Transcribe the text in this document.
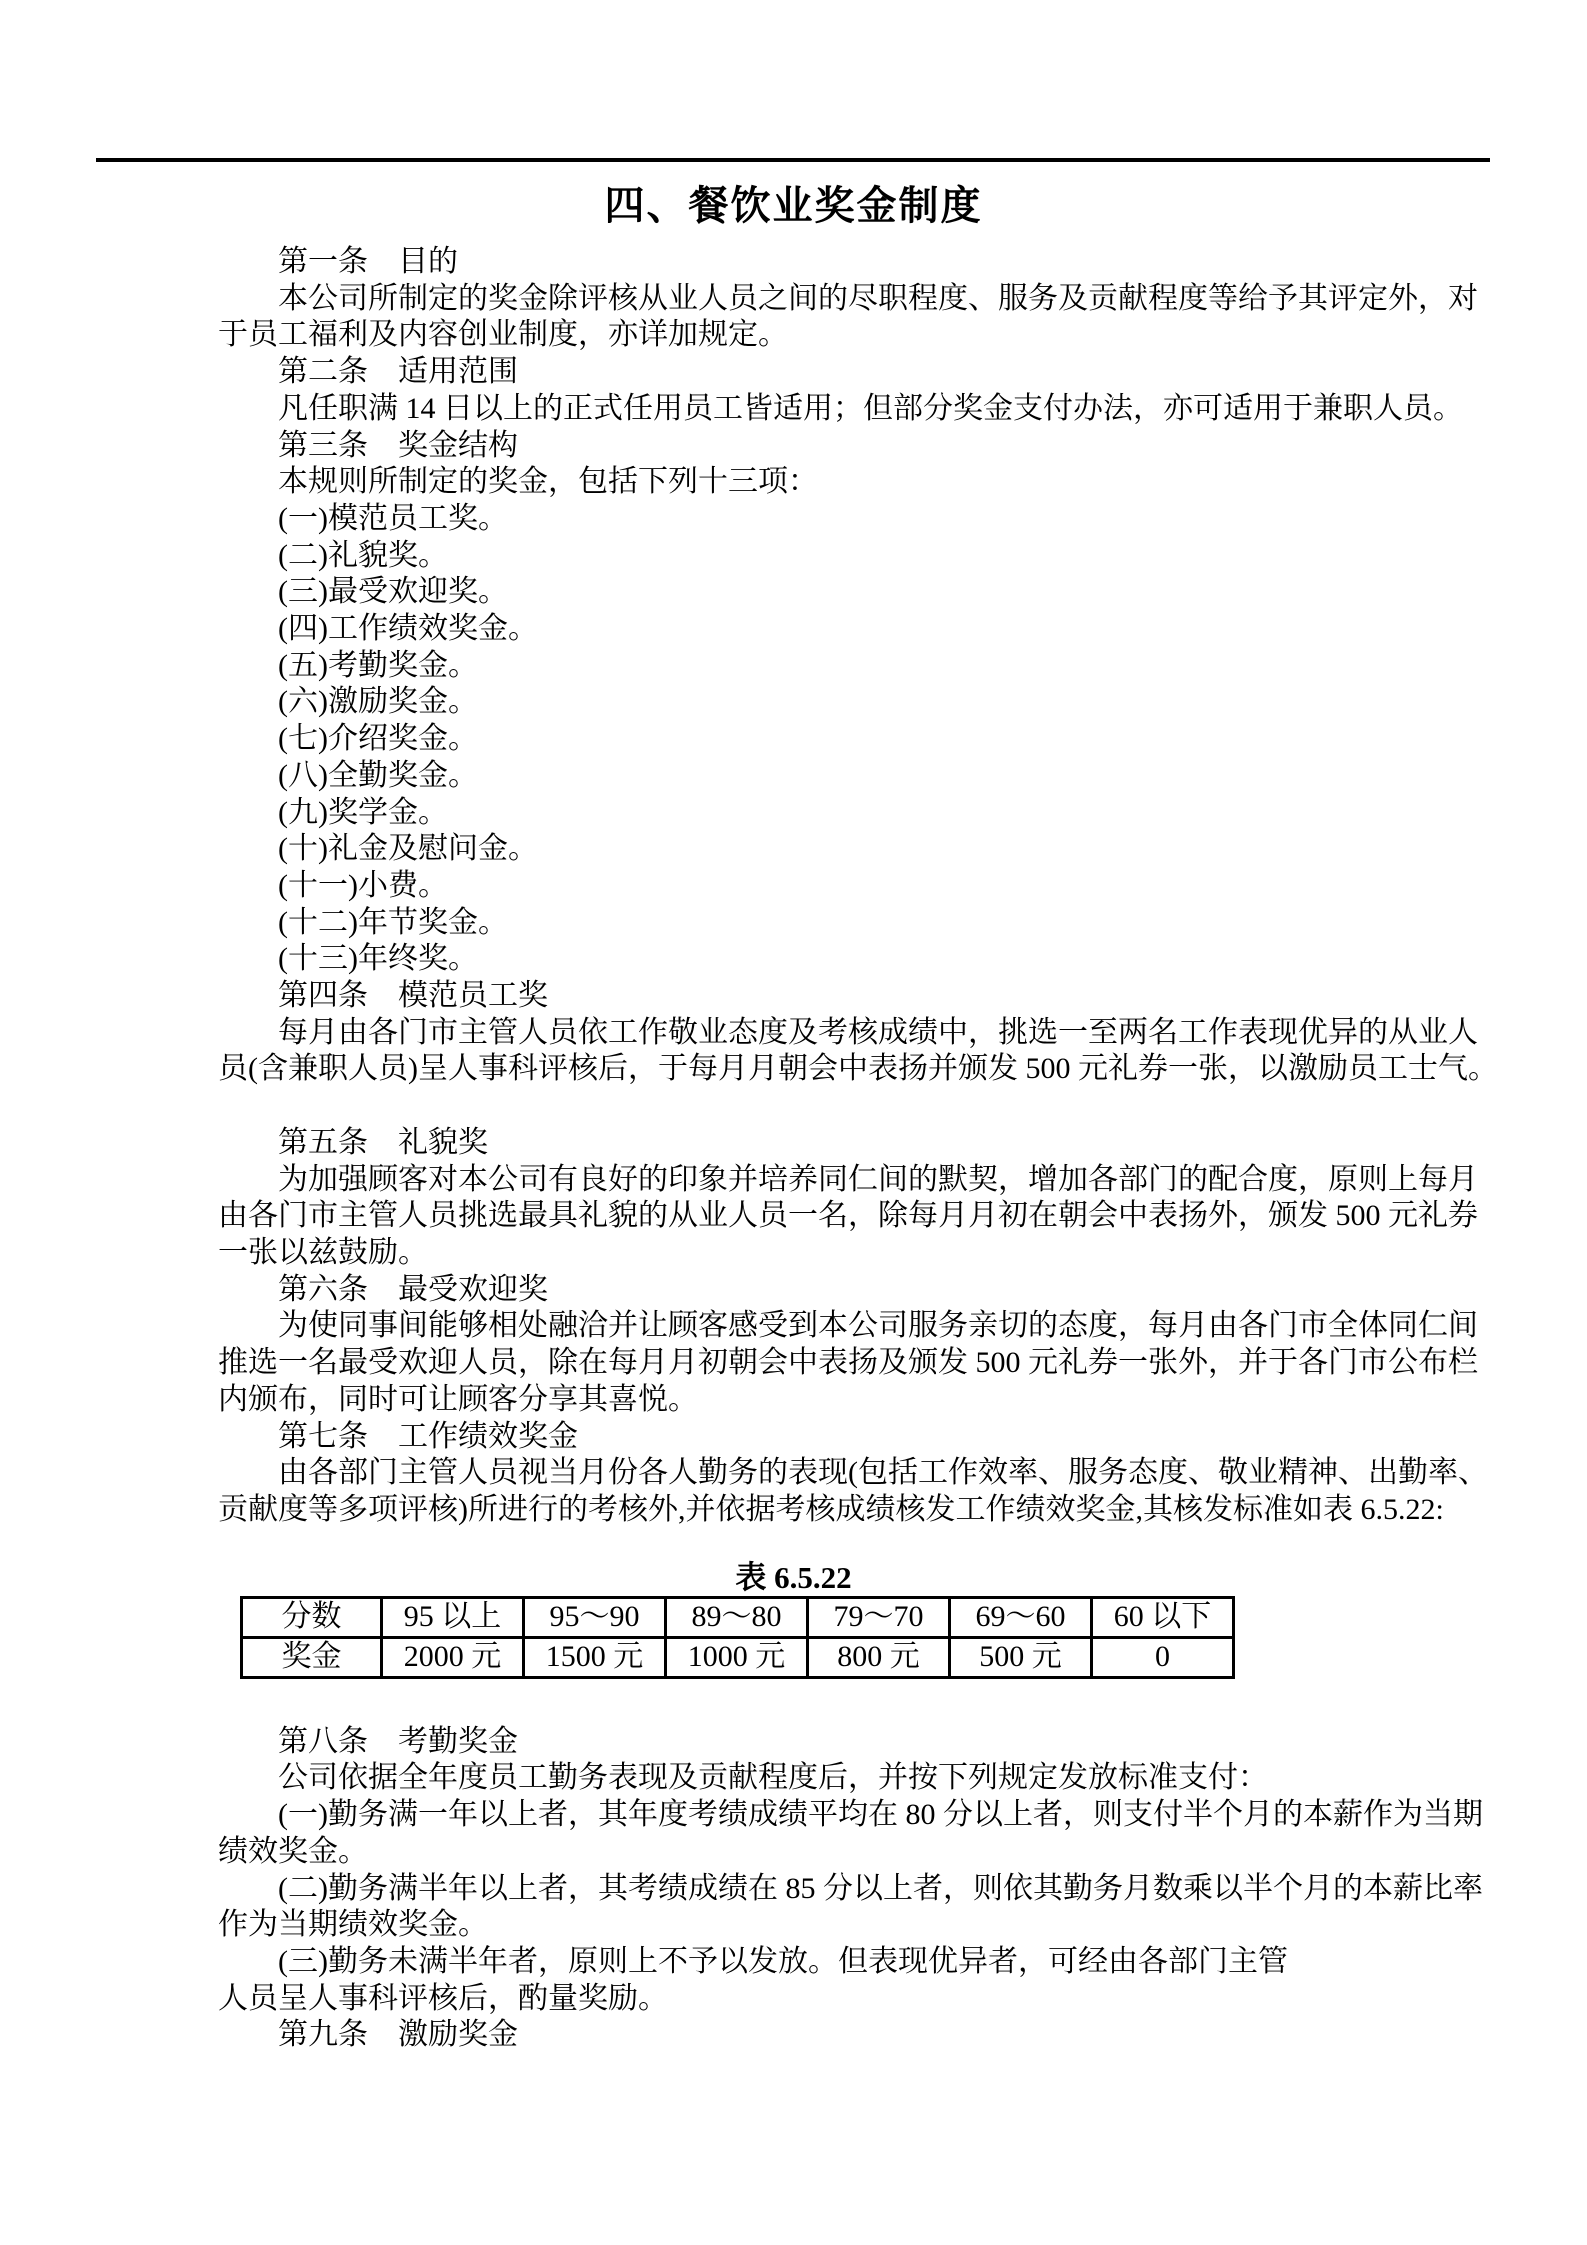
四、餐饮业奖金制度
第一条　目的
本公司所制定的奖金除评核从业人员之间的尽职程度、服务及贡献程度等给予其评定外，对
于员工福利及内容创业制度，亦详加规定。
第二条　适用范围
凡任职满 14 日以上的正式任用员工皆适用；但部分奖金支付办法，亦可适用于兼职人员。
第三条　奖金结构
本规则所制定的奖金，包括下列十三项：
(一)模范员工奖。
(二)礼貌奖。
(三)最受欢迎奖。
(四)工作绩效奖金。
(五)考勤奖金。
(六)激励奖金。
(七)介绍奖金。
(八)全勤奖金。
(九)奖学金。
(十)礼金及慰问金。
(十一)小费。
(十二)年节奖金。
(十三)年终奖。
第四条　模范员工奖
每月由各门市主管人员依工作敬业态度及考核成绩中，挑选一至两名工作表现优异的从业人
员(含兼职人员)呈人事科评核后，于每月月朝会中表扬并颁发 500 元礼券一张，以激励员工士气。

第五条　礼貌奖
为加强顾客对本公司有良好的印象并培养同仁间的默契，增加各部门的配合度，原则上每月
由各门市主管人员挑选最具礼貌的从业人员一名，除每月月初在朝会中表扬外，颁发 500 元礼券
一张以兹鼓励。
第六条　最受欢迎奖
为使同事间能够相处融洽并让顾客感受到本公司服务亲切的态度，每月由各门市全体同仁间
推选一名最受欢迎人员，除在每月月初朝会中表扬及颁发 500 元礼券一张外，并于各门市公布栏
内颁布，同时可让顾客分享其喜悦。
第七条　工作绩效奖金
由各部门主管人员视当月份各人勤务的表现(包括工作效率、服务态度、敬业精神、出勤率、
贡献度等多项评核)所进行的考核外,并依据考核成绩核发工作绩效奖金,其核发标准如表 6.5.22:
表 6.5.22
分数	95 以上	95～90	89～80	79～70	69～60	60 以下
奖金	2000 元	1500 元	1000 元	800 元	500 元	0
第八条　考勤奖金
公司依据全年度员工勤务表现及贡献程度后，并按下列规定发放标准支付：
(一)勤务满一年以上者，其年度考绩成绩平均在 80 分以上者，则支付半个月的本薪作为当期
绩效奖金。
(二)勤务满半年以上者，其考绩成绩在 85 分以上者，则依其勤务月数乘以半个月的本薪比率
作为当期绩效奖金。
(三)勤务未满半年者，原则上不予以发放。但表现优异者，可经由各部门主管
人员呈人事科评核后，酌量奖励。
第九条　激励奖金
